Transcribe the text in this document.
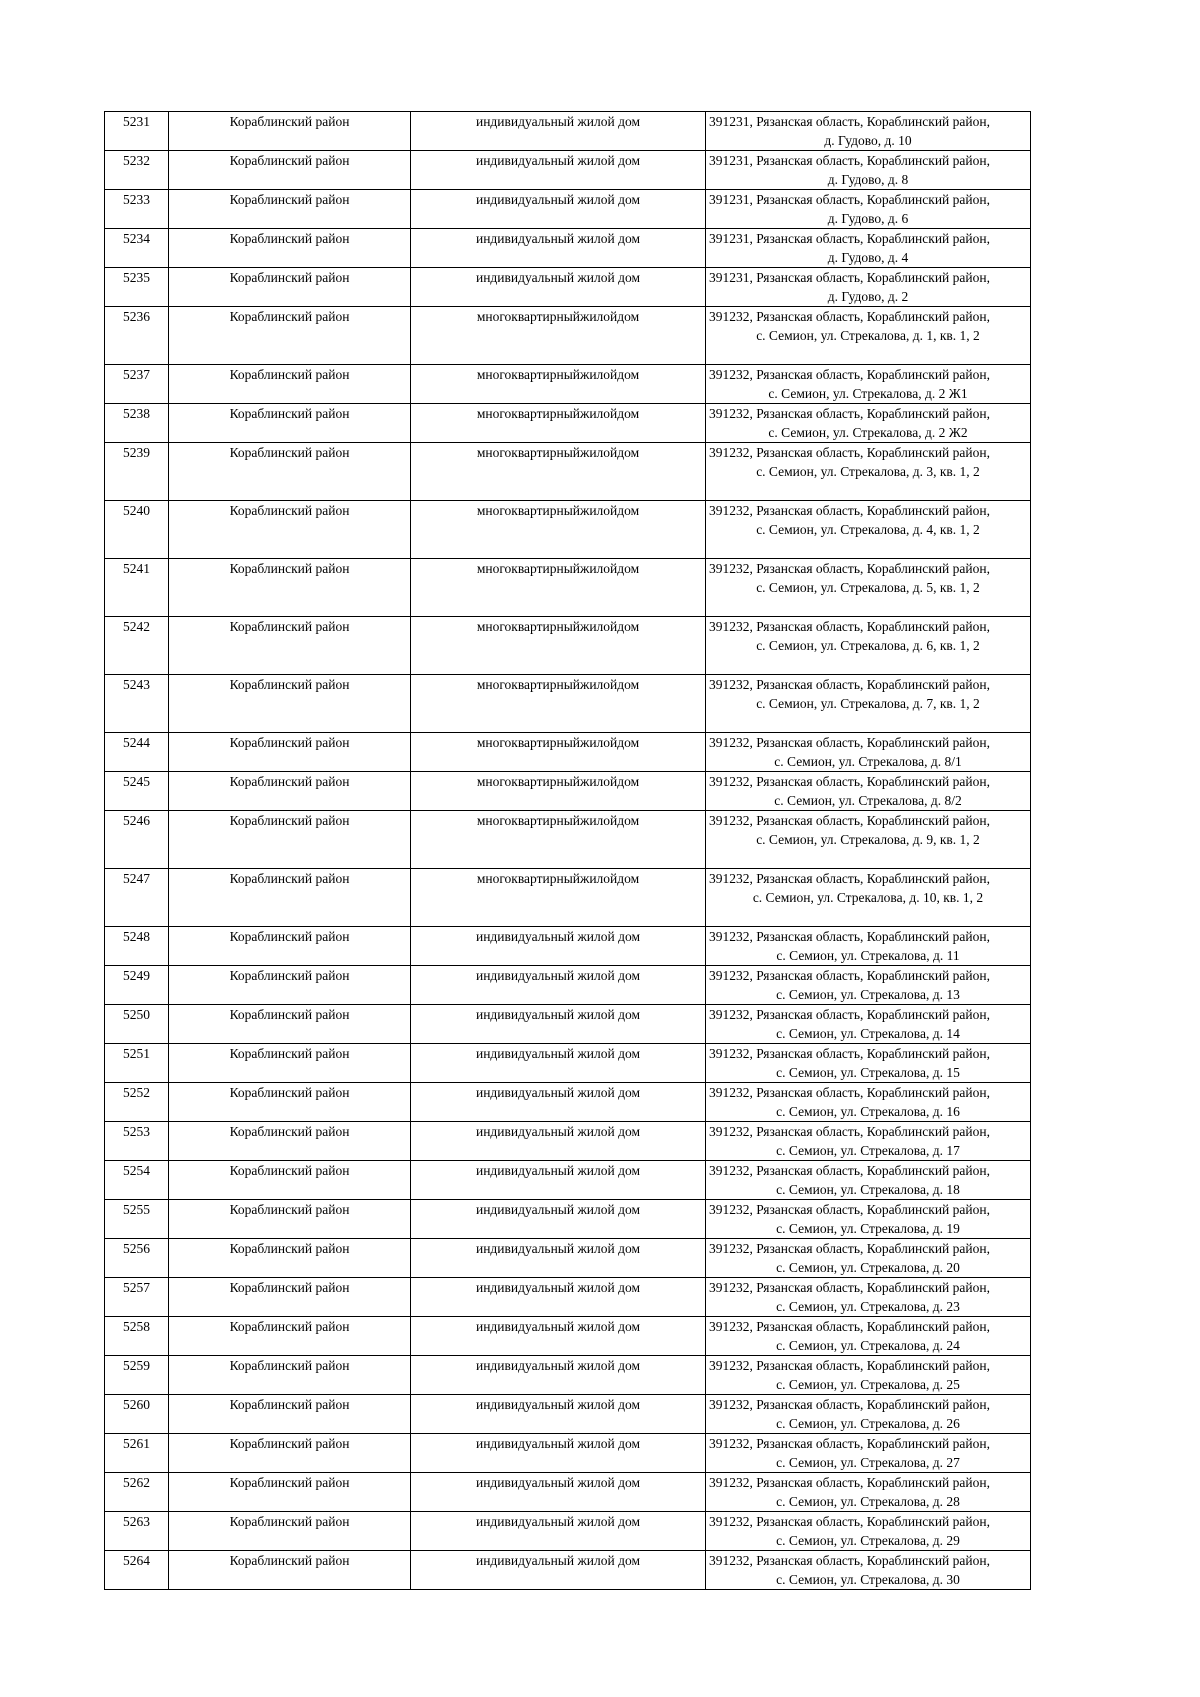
5231	Кораблинский район	индивидуальный жилой дом	391231, Рязанская область, Кораблинский район,
д. Гудово, д. 10

5232	Кораблинский район	индивидуальный жилой дом	391231, Рязанская область, Кораблинский район,
д. Гудово, д. 8

5233	Кораблинский район	индивидуальный жилой дом	391231, Рязанская область, Кораблинский район,
д. Гудово, д. 6

5234	Кораблинский район	индивидуальный жилой дом	391231, Рязанская область, Кораблинский район,
д. Гудово, д. 4

5235	Кораблинский район	индивидуальный жилой дом	391231, Рязанская область, Кораблинский район,
д. Гудово, д. 2

5236	Кораблинский район	многоквартирныйжилойдом	391232, Рязанская область, Кораблинский район,
с. Семион, ул. Стрекалова, д. 1, кв. 1, 2

5237	Кораблинский район	многоквартирныйжилойдом	391232, Рязанская область, Кораблинский район,
с. Семион, ул. Стрекалова, д. 2 Ж1

5238	Кораблинский район	многоквартирныйжилойдом	391232, Рязанская область, Кораблинский район,
с. Семион, ул. Стрекалова, д. 2 Ж2

5239	Кораблинский район	многоквартирныйжилойдом	391232, Рязанская область, Кораблинский район,
с. Семион, ул. Стрекалова, д. 3, кв. 1, 2

5240	Кораблинский район	многоквартирныйжилойдом	391232, Рязанская область, Кораблинский район,
с. Семион, ул. Стрекалова, д. 4, кв. 1, 2

5241	Кораблинский район	многоквартирныйжилойдом	391232, Рязанская область, Кораблинский район,
с. Семион, ул. Стрекалова, д. 5, кв. 1, 2

5242	Кораблинский район	многоквартирныйжилойдом	391232, Рязанская область, Кораблинский район,
с. Семион, ул. Стрекалова, д. 6, кв. 1, 2

5243	Кораблинский район	многоквартирныйжилойдом	391232, Рязанская область, Кораблинский район,
с. Семион, ул. Стрекалова, д. 7, кв. 1, 2

5244	Кораблинский район	многоквартирныйжилойдом	391232, Рязанская область, Кораблинский район,
с. Семион, ул. Стрекалова, д. 8/1

5245	Кораблинский район	многоквартирныйжилойдом	391232, Рязанская область, Кораблинский район,
с. Семион, ул. Стрекалова, д. 8/2

5246	Кораблинский район	многоквартирныйжилойдом	391232, Рязанская область, Кораблинский район,
с. Семион, ул. Стрекалова, д. 9, кв. 1, 2

5247	Кораблинский район	многоквартирныйжилойдом	391232, Рязанская область, Кораблинский район,
с. Семион, ул. Стрекалова, д. 10, кв. 1, 2

5248	Кораблинский район	индивидуальный жилой дом	391232, Рязанская область, Кораблинский район,
с. Семион, ул. Стрекалова, д. 11

5249	Кораблинский район	индивидуальный жилой дом	391232, Рязанская область, Кораблинский район,
с. Семион, ул. Стрекалова, д. 13

5250	Кораблинский район	индивидуальный жилой дом	391232, Рязанская область, Кораблинский район,
с. Семион, ул. Стрекалова, д. 14

5251	Кораблинский район	индивидуальный жилой дом	391232, Рязанская область, Кораблинский район,
с. Семион, ул. Стрекалова, д. 15

5252	Кораблинский район	индивидуальный жилой дом	391232, Рязанская область, Кораблинский район,
с. Семион, ул. Стрекалова, д. 16

5253	Кораблинский район	индивидуальный жилой дом	391232, Рязанская область, Кораблинский район,
с. Семион, ул. Стрекалова, д. 17

5254	Кораблинский район	индивидуальный жилой дом	391232, Рязанская область, Кораблинский район,
с. Семион, ул. Стрекалова, д. 18

5255	Кораблинский район	индивидуальный жилой дом	391232, Рязанская область, Кораблинский район,
с. Семион, ул. Стрекалова, д. 19

5256	Кораблинский район	индивидуальный жилой дом	391232, Рязанская область, Кораблинский район,
с. Семион, ул. Стрекалова, д. 20

5257	Кораблинский район	индивидуальный жилой дом	391232, Рязанская область, Кораблинский район,
с. Семион, ул. Стрекалова, д. 23

5258	Кораблинский район	индивидуальный жилой дом	391232, Рязанская область, Кораблинский район,
с. Семион, ул. Стрекалова, д. 24

5259	Кораблинский район	индивидуальный жилой дом	391232, Рязанская область, Кораблинский район,
с. Семион, ул. Стрекалова, д. 25

5260	Кораблинский район	индивидуальный жилой дом	391232, Рязанская область, Кораблинский район,
с. Семион, ул. Стрекалова, д. 26

5261	Кораблинский район	индивидуальный жилой дом	391232, Рязанская область, Кораблинский район,
с. Семион, ул. Стрекалова, д. 27

5262	Кораблинский район	индивидуальный жилой дом	391232, Рязанская область, Кораблинский район,
с. Семион, ул. Стрекалова, д. 28

5263	Кораблинский район	индивидуальный жилой дом	391232, Рязанская область, Кораблинский район,
с. Семион, ул. Стрекалова, д. 29

5264	Кораблинский район	индивидуальный жилой дом	391232, Рязанская область, Кораблинский район,
с. Семион, ул. Стрекалова, д. 30
